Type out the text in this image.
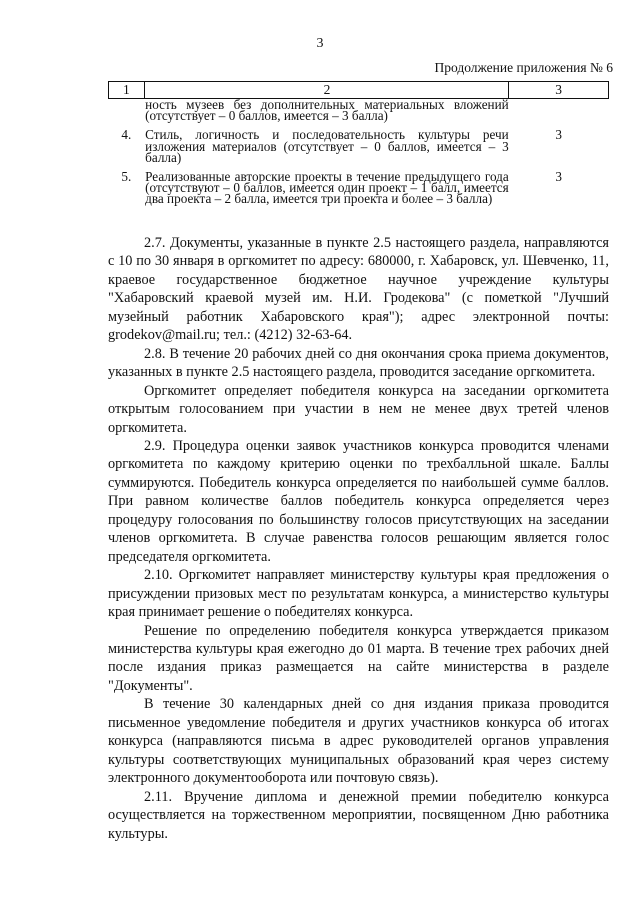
3
Продолжение приложения № 6
1	2	3
	ность музеев без дополнительных материальных вложений (отсутствует – 0 баллов, имеется – 3 балла)	

4.	Стиль, логичность и последовательность культуры речи изложения материалов (отсутствует – 0 баллов, имеется – 3 балла)	3

5.	Реализованные авторские проекты в течение предыдущего года (отсутствуют – 0 баллов, имеется один проект – 1 балл, имеется два проекта – 2 балла, имеется три проекта и более – 3 балла)	3

2.7. Документы, указанные в пункте 2.5 настоящего раздела, направляются с 10 по 30 января в оргкомитет по адресу: 680000, г. Хабаровск, ул. Шевченко, 11, краевое государственное бюджетное научное учреждение культуры "Хабаровский краевой музей им. Н.И. Гродекова" (с пометкой "Лучший музейный работник Хабаровского края"); адрес электронной почты: grodekov@mail.ru; тел.: (4212) 32-63-64.

2.8. В течение 20 рабочих дней со дня окончания срока приема документов, указанных в пункте 2.5 настоящего раздела, проводится заседание оргкомитета.

Оргкомитет определяет победителя конкурса на заседании оргкомитета открытым голосованием при участии в нем не менее двух третей членов оргкомитета.

2.9. Процедура оценки заявок участников конкурса проводится членами оргкомитета по каждому критерию оценки по трехбалльной шкале. Баллы суммируются. Победитель конкурса определяется по наибольшей сумме баллов. При равном количестве баллов победитель конкурса определяется через процедуру голосования по большинству голосов присутствующих на заседании членов оргкомитета. В случае равенства голосов решающим является голос председателя оргкомитета.

2.10. Оргкомитет направляет министерству культуры края предложения о присуждении призовых мест по результатам конкурса, а министерство культуры края принимает решение о победителях конкурса.

Решение по определению победителя конкурса утверждается приказом министерства культуры края ежегодно до 01 марта. В течение трех рабочих дней после издания приказ размещается на сайте министерства в разделе "Документы".

В течение 30 календарных дней со дня издания приказа проводится письменное уведомление победителя и других участников конкурса об итогах конкурса (направляются письма в адрес руководителей органов управления культуры соответствующих муниципальных образований края через систему электронного документооборота или почтовую связь).

2.11. Вручение диплома и денежной премии победителю конкурса осуществляется на торжественном мероприятии, посвященном Дню работника культуры.
